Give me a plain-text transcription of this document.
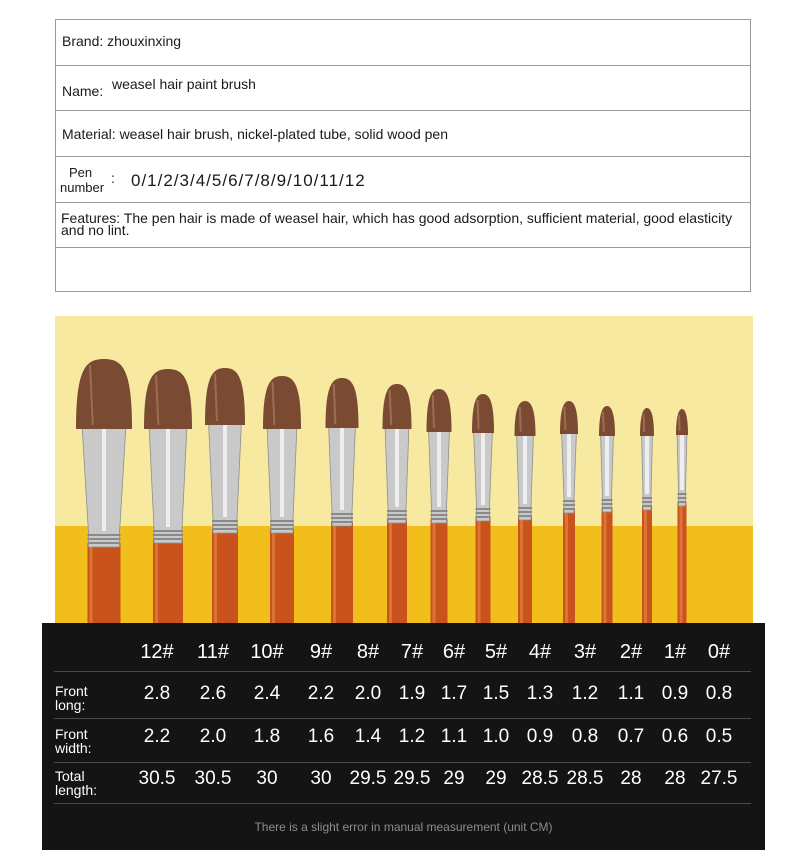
Brand: zhouxinxing
Name: weasel hair paint brush
Material: weasel hair brush, nickel-plated tube, solid wood pen
Pen
number
: 0/1/2/3/4/5/6/7/8/9/10/11/12
Features: The pen hair is made of weasel hair, which has good adsorption, sufficient material, good elasticity and no lint.
There is a slight error in manual measurement (unit CM)
12# 11# 10# 9# 8# 7# 6# 5# 4# 3# 2# 1# 0#
Front
long:
2.8 2.6 2.4 2.2 2.0 1.9 1.7 1.5 1.3 1.2 1.1 0.9 0.8
Front
width:
2.2 2.0 1.8 1.6 1.4 1.2 1.1 1.0 0.9 0.8 0.7 0.6 0.5
Total
length:
30.5 30.5 30 30 29.5 29.5 29 29 28.5 28.5 28 28 27.5
